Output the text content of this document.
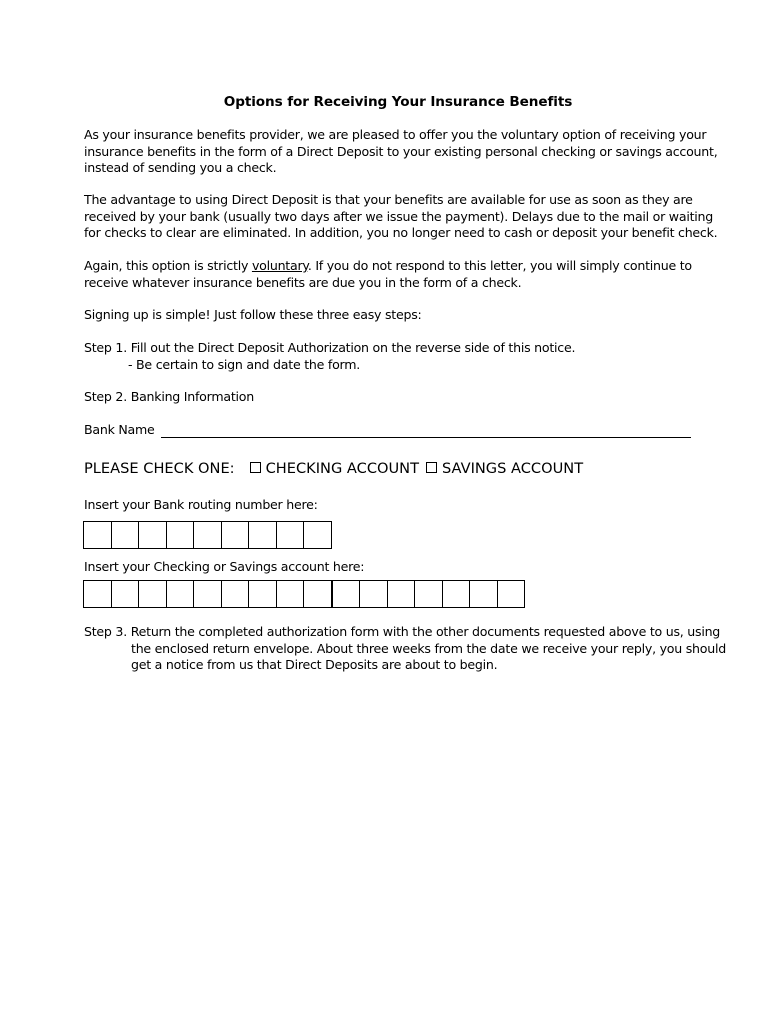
Options for Receiving Your Insurance Benefits
As your insurance benefits provider, we are pleased to offer you the voluntary option of receiving your
insurance benefits in the form of a Direct Deposit to your existing personal checking or savings account,
instead of sending you a check.
The advantage to using Direct Deposit is that your benefits are available for use as soon as they are
received by your bank (usually two days after we issue the payment). Delays due to the mail or waiting
for checks to clear are eliminated. In addition, you no longer need to cash or deposit your benefit check.
Again, this option is strictly voluntary. If you do not respond to this letter, you will simply continue to
receive whatever insurance benefits are due you in the form of a check.
Signing up is simple! Just follow these three easy steps:
Step 1. Fill out the Direct Deposit Authorization on the reverse side of this notice.
- Be certain to sign and date the form.
Step 2. Banking Information
Bank Name
PLEASE CHECK ONE: CHECKING ACCOUNT SAVINGS ACCOUNT
Insert your Bank routing number here:
Insert your Checking or Savings account here:
Step 3. Return the completed authorization form with the other documents requested above to us, using
the enclosed return envelope. About three weeks from the date we receive your reply, you should
get a notice from us that Direct Deposits are about to begin.
